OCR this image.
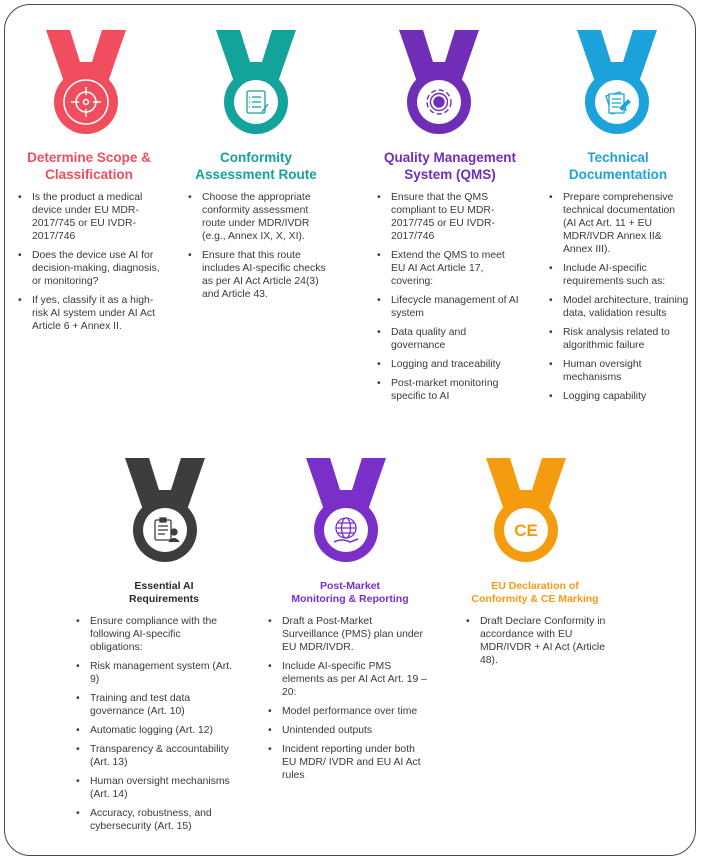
Determine Scope &
Classification
• Is the product a medical device under EU MDR-2017/745 or EU IVDR-2017/746
• Does the device use AI for decision-making, diagnosis, or monitoring?
• If yes, classify it as a high-risk AI system under AI Act Article 6 + Annex II.
Conformity
Assessment Route
• Choose the appropriate conformity assessment route under MDR/IVDR (e.g., Annex IX, X, XI).
• Ensure that this route includes AI-specific checks as per AI Act Article 24(3) and Article 43.
Quality Management
System (QMS)
• Ensure that the QMS compliant to EU MDR-2017/745 or EU IVDR-2017/746
• Extend the QMS to meet EU AI Act Article 17, covering:
• Lifecycle management of AI system
• Data quality and governance
• Logging and traceability
• Post-market monitoring specific to AI
Technical
Documentation
• Prepare comprehensive technical documentation (AI Act Art. 11 + EU MDR/IVDR Annex II& Annex III).
• Include AI-specific requirements such as:
• Model architecture, training data, validation results
• Risk analysis related to algorithmic failure
• Human oversight mechanisms
• Logging capability
Essential AI
Requirements
• Ensure compliance with the following AI-specific obligations:
• Risk management system (Art. 9)
• Training and test data governance (Art. 10)
• Automatic logging (Art. 12)
• Transparency & accountability (Art. 13)
• Human oversight mechanisms (Art. 14)
• Accuracy, robustness, and cybersecurity (Art. 15)
Post-Market
Monitoring & Reporting
• Draft a Post-Market Surveillance (PMS) plan under EU MDR/IVDR.
• Include AI-specific PMS elements as per AI Act Art. 19 –20:
• Model performance over time
• Unintended outputs
• Incident reporting under both EU MDR/ IVDR and EU AI Act rules
CE
EU Declaration of
Conformity & CE Marking
• Draft Declare Conformity in accordance with EU MDR/IVDR + AI Act (Article 48).
